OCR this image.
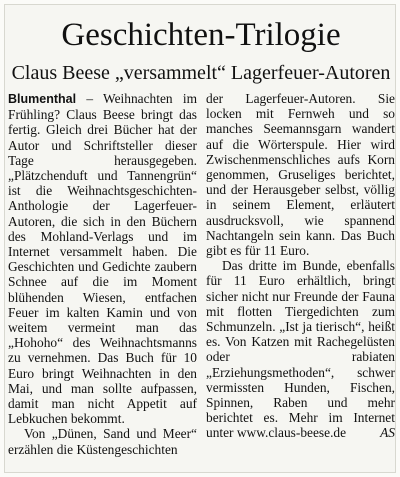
Geschichten-Trilogie
Claus Beese „versammelt“ Lagerfeuer-Autoren

Blumenthal – Weihnachten im Frühling? Claus Beese bringt das fertig. Gleich drei Bücher hat der Autor und Schriftsteller dieser Tage	herausgegeben. „Plätzchenduft und Tannengrün“ ist die Weihnachtsgeschichten-Anthologie der Lagerfeuer-Autoren, die sich in den Büchern des Mohland-Verlags und im Internet versammelt haben. Die Geschichten und Gedichte zaubern Schnee auf die im Moment blühenden Wiesen, entfachen Feuer im kalten Kamin und von weitem vermeint man das „Hohoho“ des Weihnachtsmanns zu vernehmen. Das Buch für 10 Euro bringt Weihnachten in den Mai, und man sollte aufpassen, damit man nicht Appetit auf Lebkuchen bekommt.

Von „Dünen, Sand und Meer“ erzählen die Küstengeschichten

der Lagerfeuer-Autoren. Sie locken mit Fernweh und so manches Seemannsgarn wandert auf die Wörterspule. Hier wird Zwischenmenschliches aufs Korn genommen, Gruseliges berichtet, und der Herausgeber selbst, völlig in seinem Element, erläutert ausdrucksvoll, wie spannend Nachtangeln sein kann. Das Buch gibt es für 11 Euro.

Das dritte im Bunde, ebenfalls für 11 Euro erhältlich, bringt sicher nicht nur Freunde der Fauna mit flotten Tiergedichten zum Schmunzeln. „Ist ja tierisch“, heißt es. Von Katzen mit Rachegelüsten oder	rabiaten „Erziehungsmethoden“, schwer vermissten Hunden, Fischen, Spinnen, Raben und mehr berichtet es. Mehr im Internet unter www.claus-beese.de	AS
